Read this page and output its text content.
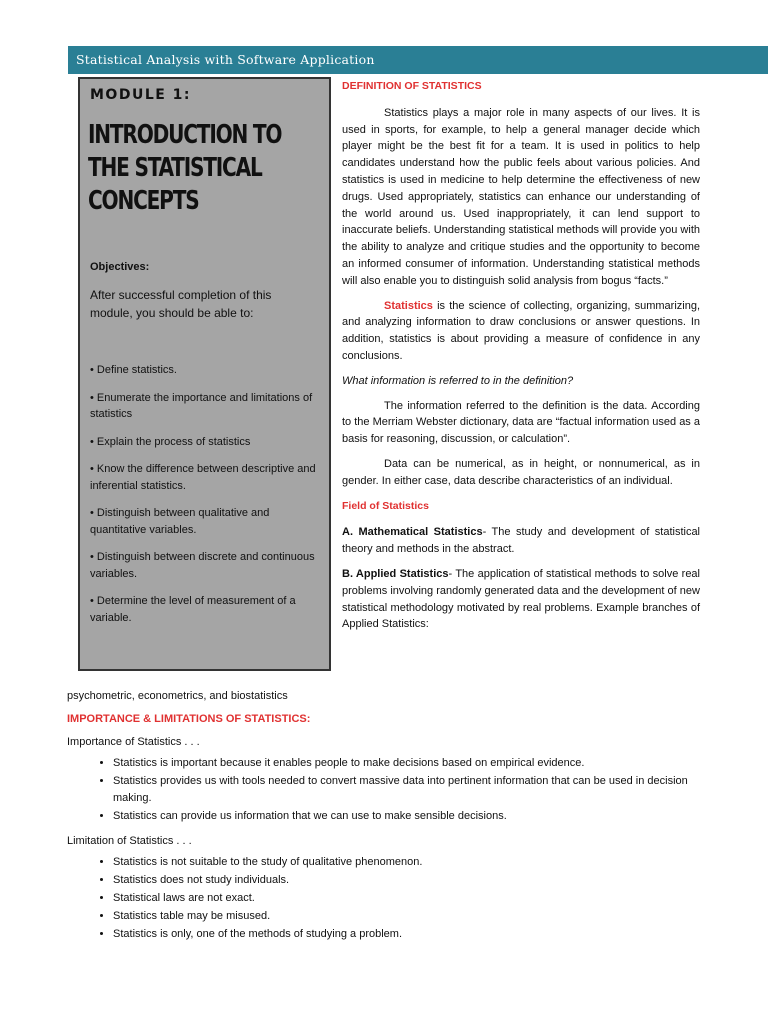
Statistical Analysis with Software Application
MODULE 1:
INTRODUCTION TO THE STATISTICAL CONCEPTS
Objectives:
After successful completion of this module, you should be able to:
• Define statistics.
• Enumerate the importance and limitations of statistics
• Explain the process of statistics
• Know the difference between descriptive and inferential statistics.
• Distinguish between qualitative and quantitative variables.
• Distinguish between discrete and continuous variables.
• Determine the level of measurement of a variable.
DEFINITION OF STATISTICS

Statistics plays a major role in many aspects of our lives. It is used in sports, for example, to help a general manager decide which player might be the best fit for a team. It is used in politics to help candidates understand how the public feels about various policies. And statistics is used in medicine to help determine the effectiveness of new drugs. Used appropriately, statistics can enhance our understanding of the world around us. Used inappropriately, it can lend support to inaccurate beliefs. Understanding statistical methods will provide you with the ability to analyze and critique studies and the opportunity to become an informed consumer of information. Understanding statistical methods will also enable you to distinguish solid analysis from bogus “facts.”

Statistics is the science of collecting, organizing, summarizing, and analyzing information to draw conclusions or answer questions. In addition, statistics is about providing a measure of confidence in any conclusions.

What information is referred to in the definition?

The information referred to the definition is the data. According to the Merriam Webster dictionary, data are “factual information used as a basis for reasoning, discussion, or calculation”.

Data can be numerical, as in height, or nonnumerical, as in gender. In either case, data describe characteristics of an individual.

Field of Statistics

A. Mathematical Statistics- The study and development of statistical theory and methods in the abstract.

B. Applied Statistics- The application of statistical methods to solve real problems involving randomly generated data and the development of new statistical methodology motivated by real problems. Example branches of Applied Statistics:

psychometric, econometrics, and biostatistics
IMPORTANCE & LIMITATIONS OF STATISTICS:
Importance of Statistics . . .
• Statistics is important because it enables people to make decisions based on empirical evidence.
• Statistics provides us with tools needed to convert massive data into pertinent information that can be used in decision making.
• Statistics can provide us information that we can use to make sensible decisions.
Limitation of Statistics . . .
• Statistics is not suitable to the study of qualitative phenomenon.
• Statistics does not study individuals.
• Statistical laws are not exact.
• Statistics table may be misused.
• Statistics is only, one of the methods of studying a problem.
